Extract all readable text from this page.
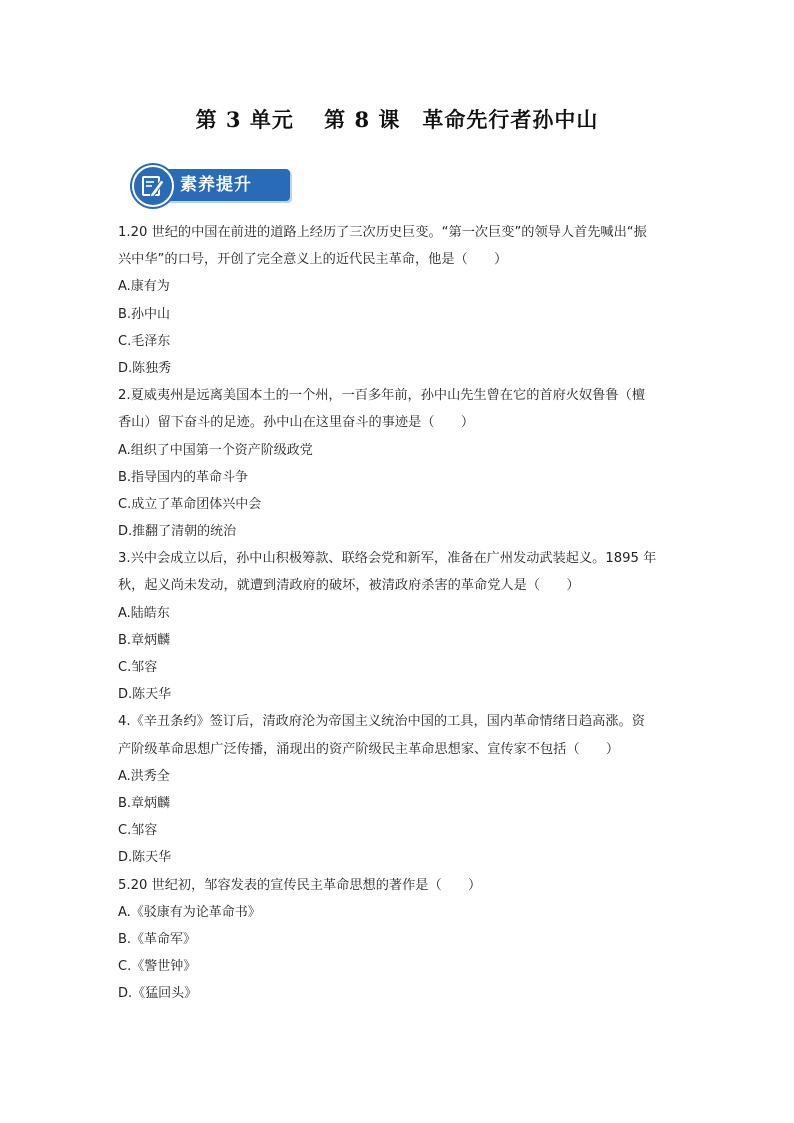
第 3 单元　 第 8 课　革命先行者孙中山
素养提升
1.20 世纪的中国在前进的道路上经历了三次历史巨变。“第一次巨变”的领导人首先喊出“振
兴中华”的口号，开创了完全意义上的近代民主革命，他是（　　）
A.康有为
B.孙中山
C.毛泽东
D.陈独秀
2.夏威夷州是远离美国本土的一个州，一百多年前，孙中山先生曾在它的首府火奴鲁鲁（檀
香山）留下奋斗的足迹。孙中山在这里奋斗的事迹是（　　）
A.组织了中国第一个资产阶级政党
B.指导国内的革命斗争
C.成立了革命团体兴中会
D.推翻了清朝的统治
3.兴中会成立以后，孙中山积极筹款、联络会党和新军，准备在广州发动武装起义。1895 年
秋，起义尚未发动，就遭到清政府的破坏，被清政府杀害的革命党人是（　　）
A.陆皓东
B.章炳麟
C.邹容
D.陈天华
4.《辛丑条约》签订后，清政府沦为帝国主义统治中国的工具，国内革命情绪日趋高涨。资
产阶级革命思想广泛传播，涌现出的资产阶级民主革命思想家、宣传家不包括（　　）
A.洪秀全
B.章炳麟
C.邹容
D.陈天华
5.20 世纪初，邹容发表的宣传民主革命思想的著作是（　　）
A.《驳康有为论革命书》
B.《革命军》
C.《警世钟》
D.《猛回头》
